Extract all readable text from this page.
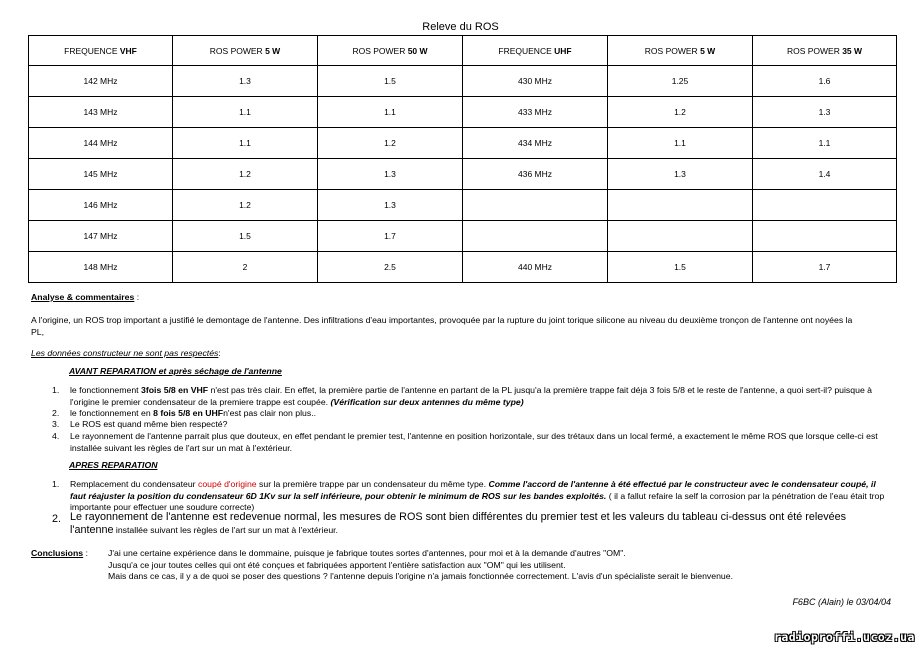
Releve du ROS
FREQUENCE VHF	ROS POWER 5 W	ROS POWER 50 W	FREQUENCE UHF	ROS POWER 5 W	ROS POWER 35 W
142 MHz	1.3	1.5	430 MHz	1.25	1.6
143 MHz	1.1	1.1	433 MHz	1.2	1.3
144 MHz	1.1	1.2	434 MHz	1.1	1.1
145 MHz	1.2	1.3	436 MHz	1.3	1.4
146 MHz	1.2	1.3			
147 MHz	1.5	1.7			
148 MHz	2	2.5	440 MHz	1.5	1.7
Analyse & commentaires :
A l'origine, un ROS trop important a justifié le demontage de l'antenne. Des infiltrations d'eau importantes, provoquée par la rupture du joint torique silicone au niveau du deuxième tronçon de l'antenne ont noyées la PL,
Les données constructeur ne sont pas respectés:
AVANT REPARATION et après séchage de l'antenne
1. le fonctionnement 3fois 5/8 en VHF n'est pas très clair. En effet, la première partie de l'antenne en partant de la PL jusqu'a la première trappe fait déja 3 fois 5/8 et le reste de l'antenne, a quoi sert-il? puisque à l'origine le premier condensateur de la premiere trappe est coupée. (Vérification sur deux antennes du même type)
2. le fonctionnement en 8 fois 5/8 en UHFn'est pas clair non plus..
3. Le ROS est quand même bien respecté?
4. Le rayonnement de l'antenne parrait plus que douteux, en effet pendant le premier test, l'antenne en position horizontale, sur des trétaux dans un local fermé, a exactement le même ROS que lorsque celle-ci est installée suivant les règles de l'art sur un mat à l'extérieur.
APRES REPARATION
1. Remplacement du condensateur coupé d'origine sur la première trappe par un condensateur du même type. Comme l'accord de l'antenne à été effectué par le constructeur avec le condensateur coupé, il faut réajuster la position du condensateur 6D 1Kv sur la self inférieure, pour obtenir le minimum de ROS sur les bandes exploités. ( il a fallut refaire la self la corrosion par la pénétration de l'eau était trop importante pour effectuer une soudure correcte)
2. Le rayonnement de l'antenne est redevenue normal, les mesures de ROS sont bien différentes du premier test et les valeurs du tableau ci-dessus ont été relevées l'antenne installée suivant les règles de l'art sur un mat à l'extérieur.
Conclusions : J'ai une certaine expérience dans le dommaine, puisque je fabrique toutes sortes d'antennes, pour moi et à la demande d'autres "OM".
Jusqu'a ce jour toutes celles qui ont été conçues et fabriquées apportent l'entière satisfaction aux "OM" qui les utilisent.
Mais dans ce cas, il y a de quoi se poser des questions ? l'antenne depuis l'origine n'a jamais fonctionnée correctement. L'avis d'un spécialiste serait le bienvenue.
F6BC (Alain) le 03/04/04
radioproffi.ucoz.ua
